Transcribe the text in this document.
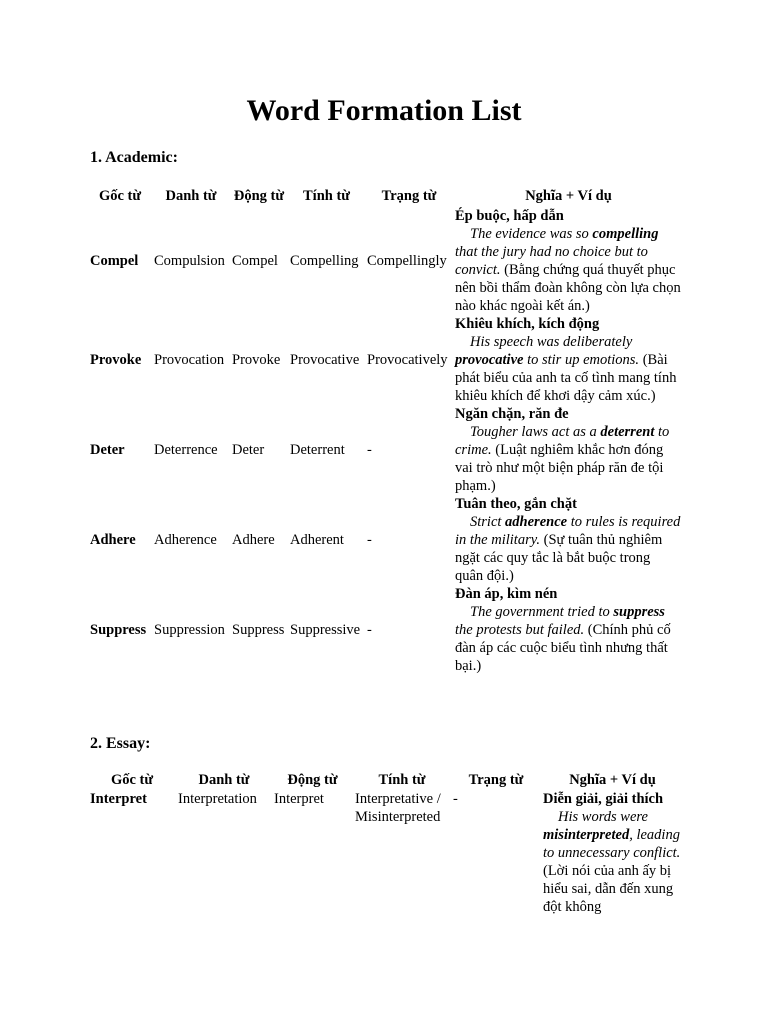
Word Formation List
1. Academic:
Gốc từ	Danh từ	Động từ	Tính từ	Trạng từ	Nghĩa + Ví dụ
Compel	Compulsion	Compel	Compelling	Compellingly	Ép buộc, hấp dẫn
The evidence was so compelling that the jury had no choice but to convict. (Bằng chứng quá thuyết phục nên bồi thẩm đoàn không còn lựa chọn nào khác ngoài kết án.)

Provoke	Provocation	Provoke	Provocative	Provocatively	Khiêu khích, kích động
His speech was deliberately provocative to stir up emotions. (Bài phát biểu của anh ta cố tình mang tính khiêu khích để khơi dậy cảm xúc.)

Deter	Deterrence	Deter	Deterrent	-	Ngăn chặn, răn đe
Tougher laws act as a deterrent to crime. (Luật nghiêm khắc hơn đóng vai trò như một biện pháp răn đe tội phạm.)

Adhere	Adherence	Adhere	Adherent	-	Tuân theo, gắn chặt
Strict adherence to rules is required in the military. (Sự tuân thủ nghiêm ngặt các quy tắc là bắt buộc trong quân đội.)

Suppress	Suppression	Suppress	Suppressive	-	Đàn áp, kìm nén
The government tried to suppress the protests but failed. (Chính phủ cố đàn áp các cuộc biểu tình nhưng thất bại.)
2. Essay:
Gốc từ	Danh từ	Động từ	Tính từ	Trạng từ	Nghĩa + Ví dụ
Interpret	Interpretation	Interpret	Interpretative / Misinterpreted	-	Diễn giải, giải thích
His words were misinterpreted, leading to unnecessary conflict. (Lời nói của anh ấy bị hiểu sai, dẫn đến xung đột không
